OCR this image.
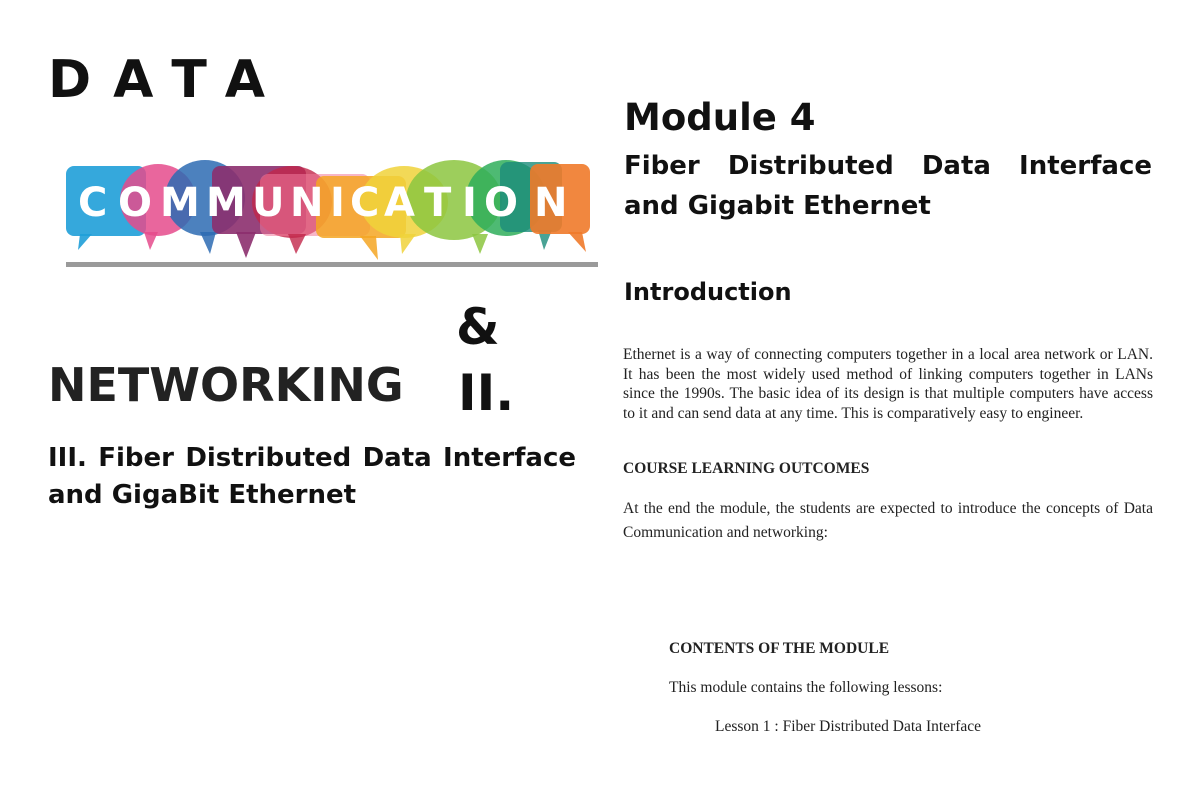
DATA
C O M M U N I C A T I O N
&
NETWORKING II.
III. Fiber Distributed Data Interface and GigaBit Ethernet
Module 4
Fiber Distributed Data Interface and Gigabit Ethernet
Introduction
Ethernet is a way of connecting computers together in a local area network or LAN. It has been the most widely used method of linking computers together in LANs since the 1990s. The basic idea of its design is that multiple computers have access to it and can send data at any time. This is comparatively easy to engineer.
COURSE LEARNING OUTCOMES
At the end the module, the students are expected to introduce the concepts of Data Communication and networking:
CONTENTS OF THE MODULE
This module contains the following lessons:
Lesson 1 : Fiber Distributed Data Interface
